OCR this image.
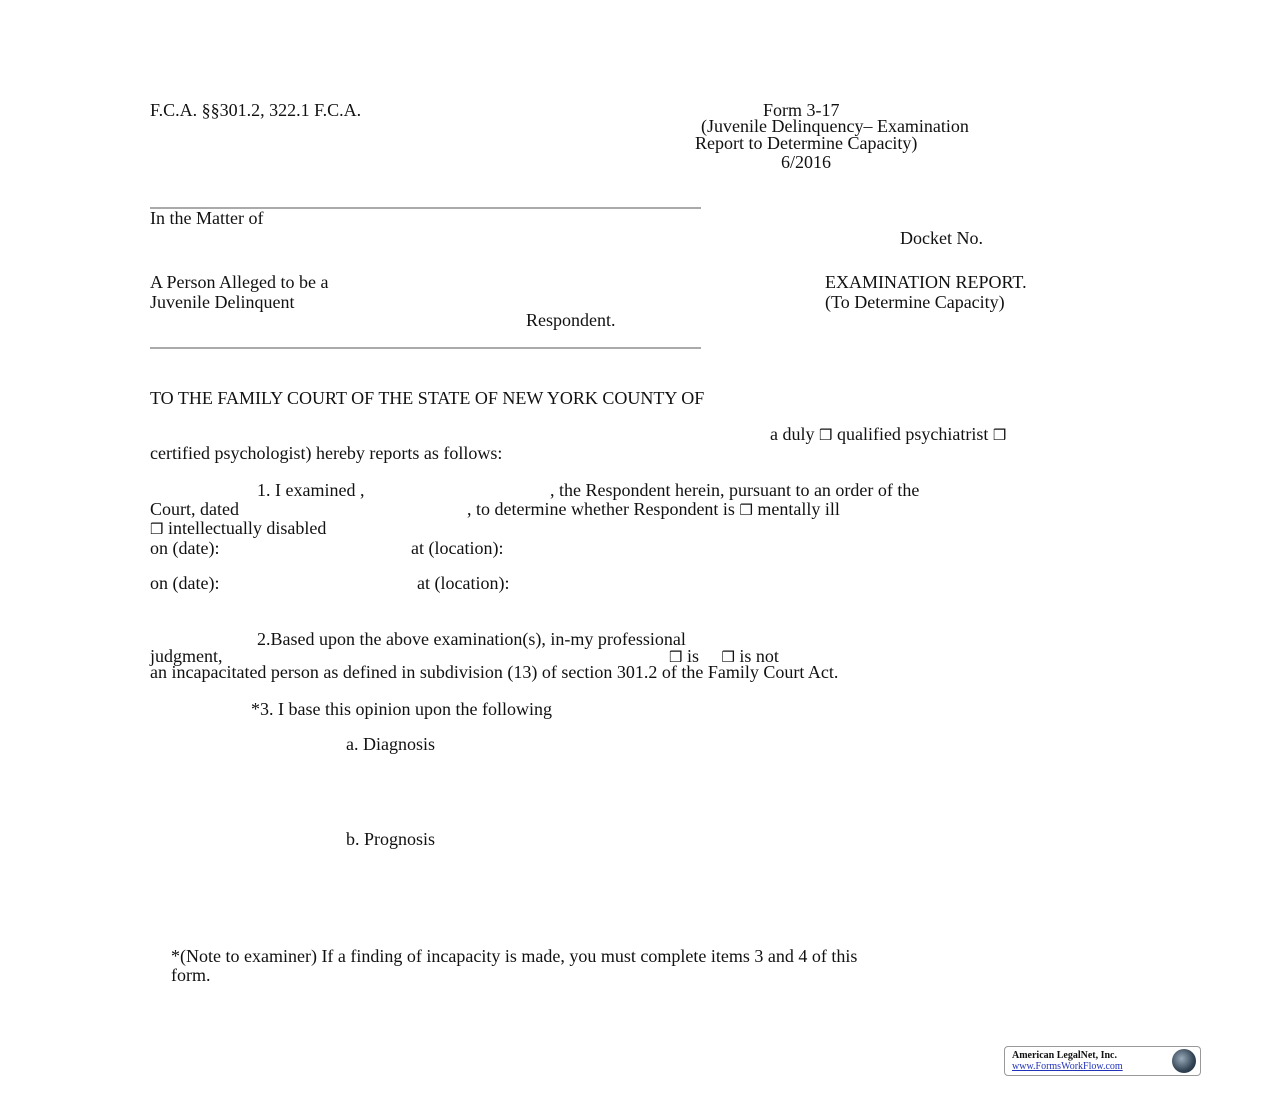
F.C.A. §§301.2, 322.1 F.C.A.	Form 3-17
(Juvenile Delinquency– Examination
Report to Determine Capacity)
6/2016
In the Matter of
Docket No.
A Person Alleged to be a
Juvenile Delinquent
EXAMINATION REPORT.
(To Determine Capacity)
Respondent.
TO THE FAMILY COURT OF THE STATE OF NEW YORK COUNTY OF
a duly ❒ qualified psychiatrist ❒
certified psychologist) hereby reports as follows:
1. I examined ,	, the Respondent herein, pursuant to an order of the
Court, dated	, to determine whether Respondent is ❒ mentally ill
❒ intellectually disabled
on (date):	at (location):
on (date):	at (location):
2.Based upon the above examination(s), in-my professional
judgment,	❒ is ❒ is not
an incapacitated person as defined in subdivision (13) of section 301.2 of the Family Court Act.
*3. I base this opinion upon the following
a. Diagnosis
b. Prognosis
*(Note to examiner) If a finding of incapacity is made, you must complete items 3 and 4 of this
form.
American LegalNet, Inc.
www.FormsWorkFlow.com
